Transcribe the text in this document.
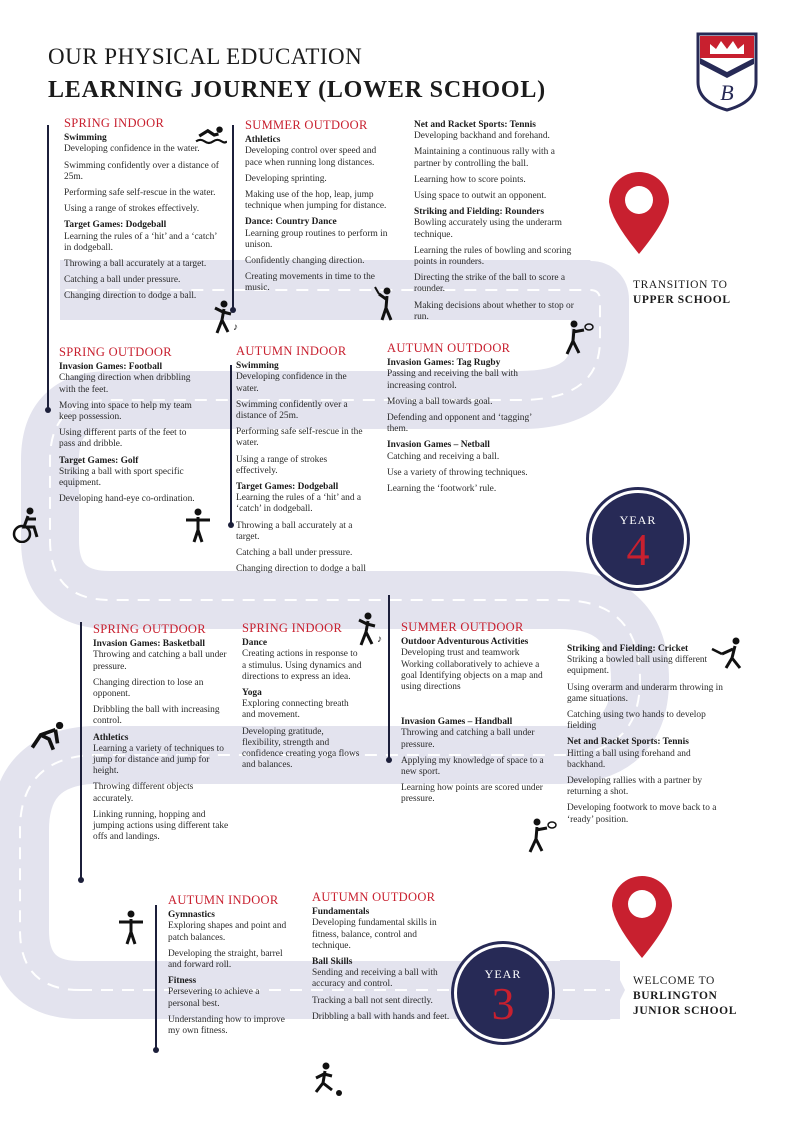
OUR PHYSICAL EDUCATION
LEARNING JOURNEY (LOWER SCHOOL)	B
SPRING INDOOR
Swimming
Developing confidence in the water.
Swimming confidently over a distance of 25m.
Performing safe self-rescue in the water.
Using a range of strokes effectively.
Target Games: Dodgeball
Learning the rules of a ‘hit’ and a ‘catch’ in dodgeball.
Throwing a ball accurately at a target.
Catching a ball under pressure.
Changing direction to dodge a ball.
SUMMER OUTDOOR
Athletics
Developing control over speed and pace when running long distances.
Developing sprinting.
Making use of the hop, leap, jump technique when jumping for distance.
Dance: Country Dance
Learning group routines to perform in unison.
Confidently changing direction.
Creating movements in time to the music.
Net and Racket Sports: Tennis
Developing backhand and forehand.
Maintaining a continuous rally with a partner by controlling the ball.
Learning how to score points.
Using space to outwit an opponent.
Striking and Fielding: Rounders
Bowling accurately using the underarm technique.
Learning the rules of bowling and scoring points in rounders.
Directing the strike of the ball to score a rounder.
Making decisions about whether to stop or run.
SPRING OUTDOOR
Invasion Games: Football
Changing direction when dribbling with the feet.
Moving into space to help my team keep possession.
Using different parts of the feet to pass and dribble.
Target Games: Golf
Striking a ball with sport specific equipment.
Developing hand-eye co-ordination.
AUTUMN INDOOR
Swimming
Developing confidence in the water.
Swimming confidently over a distance of 25m.
Performing safe self-rescue in the water.
Using a range of strokes effectively.
Target Games: Dodgeball
Learning the rules of a ‘hit’ and a ‘catch’ in dodgeball.
Throwing a ball accurately at a target.
Catching a ball under pressure.
Changing direction to dodge a ball
AUTUMN OUTDOOR
Invasion Games: Tag Rugby
Passing and receiving the ball with increasing control.
Moving a ball towards goal.
Defending and opponent and ‘tagging’ them.
Invasion Games – Netball
Catching and receiving a ball.
Use a variety of throwing techniques.
Learning the ‘footwork’ rule.
SPRING OUTDOOR
Invasion Games: Basketball
Throwing and catching a ball under pressure.
Changing direction to lose an opponent.
Dribbling the ball with increasing control.
Athletics
Learning a variety of techniques to jump for distance and jump for height.
Throwing different objects accurately.
Linking running, hopping and jumping actions using different take offs and landings.
SPRING INDOOR
Dance
Creating actions in response to a stimulus. Using dynamics and directions to express an idea.
Yoga
Exploring connecting breath and movement.
Developing gratitude, flexibility, strength and confidence creating yoga flows and balances.
SUMMER OUTDOOR
Outdoor Adventurous Activities
Developing trust and teamwork Working collaboratively to achieve a goal Identifying objects on a map and using directions
Invasion Games – Handball
Throwing and catching a ball under pressure.
Applying my knowledge of space to a new sport.
Learning how points are scored under pressure.
Striking and Fielding: Cricket
Striking a bowled ball using different equipment.
Using overarm and underarm throwing in game situations.
Catching using two hands to develop fielding
Net and Racket Sports: Tennis
Hitting a ball using forehand and backhand.
Developing rallies with a partner by returning a shot.
Developing footwork to move back to a ‘ready’ position.
AUTUMN INDOOR
Gymnastics
Exploring shapes and point and patch balances.
Developing the straight, barrel and forward roll.
Fitness
Persevering to achieve a personal best.
Understanding how to improve my own fitness.
AUTUMN OUTDOOR
Fundamentals
Developing fundamental skills in fitness, balance, control and technique.
Ball Skills
Sending and receiving a ball with accuracy and control.
Tracking a ball not sent directly.
Dribbling a ball with hands and feet.
YEAR
4
YEAR
3
TRANSITION TO
UPPER SCHOOL
WELCOME TO
BURLINGTON
JUNIOR SCHOOL
♪
♪
